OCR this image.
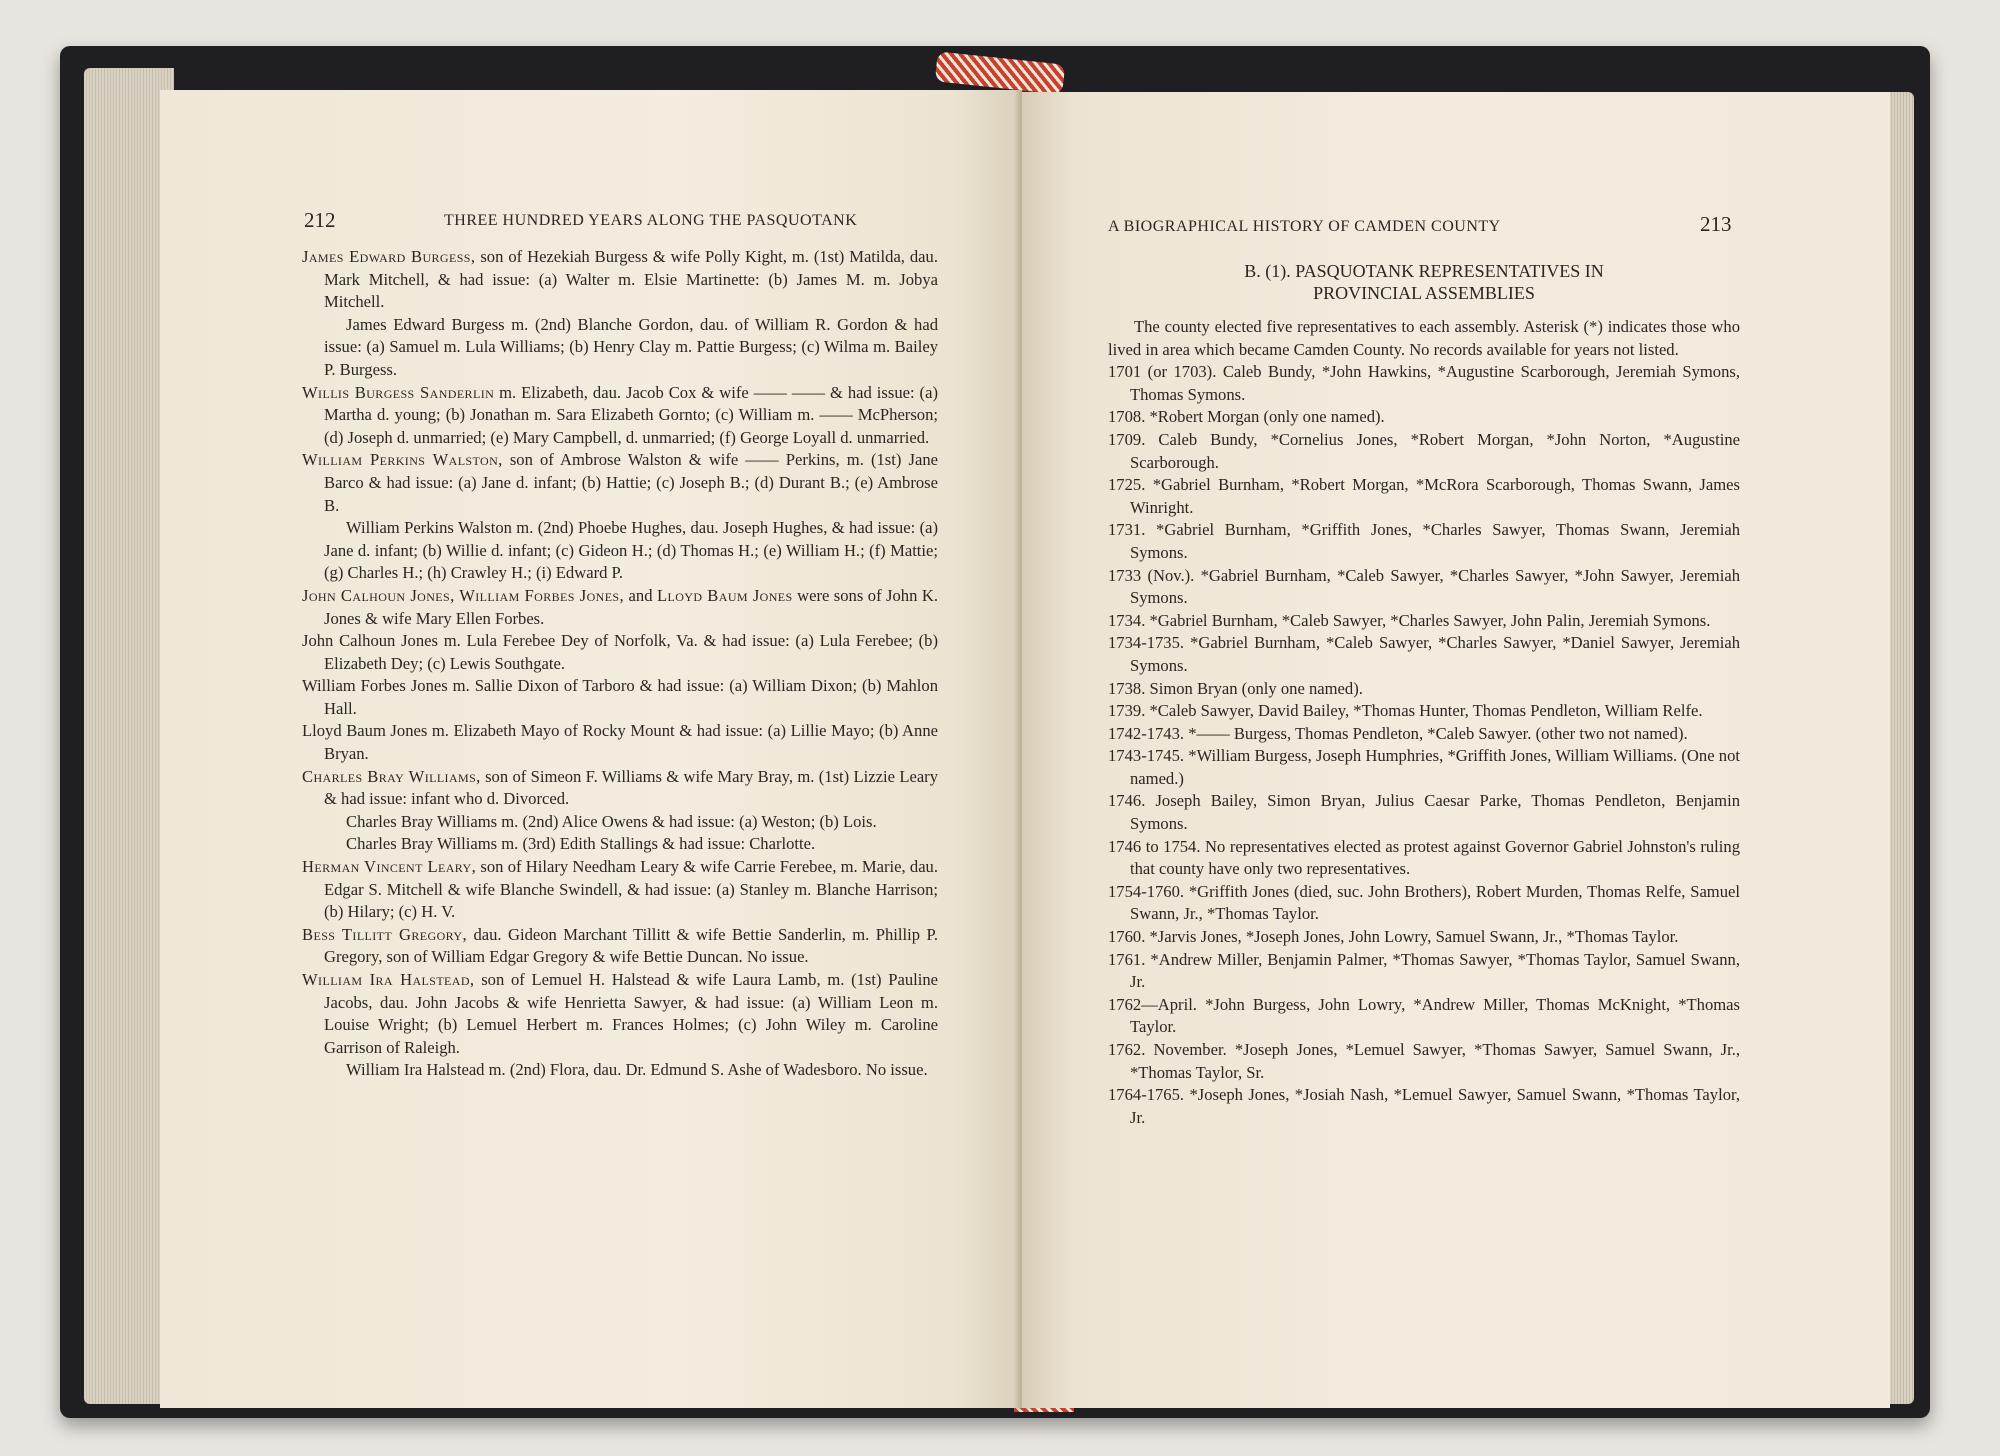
212	THREE HUNDRED YEARS ALONG THE PASQUOTANK

James Edward Burgess, son of Hezekiah Burgess & wife Polly Kight, m. (1st) Matilda, dau. Mark Mitchell, & had issue: (a) Walter m. Elsie Martinette: (b) James M. m. Jobya Mitchell.

James Edward Burgess m. (2nd) Blanche Gordon, dau. of William R. Gordon & had issue: (a) Samuel m. Lula Williams; (b) Henry Clay m. Pattie Burgess; (c) Wilma m. Bailey P. Burgess.

Willis Burgess Sanderlin m. Elizabeth, dau. Jacob Cox & wife —— —— & had issue: (a) Martha d. young; (b) Jonathan m. Sara Elizabeth Gornto; (c) William m. —— McPherson; (d) Joseph d. unmarried; (e) Mary Campbell, d. unmarried; (f) George Loyall d. unmarried.

William Perkins Walston, son of Ambrose Walston & wife —— Perkins, m. (1st) Jane Barco & had issue: (a) Jane d. infant; (b) Hattie; (c) Joseph B.; (d) Durant B.; (e) Ambrose B.

William Perkins Walston m. (2nd) Phoebe Hughes, dau. Joseph Hughes, & had issue: (a) Jane d. infant; (b) Willie d. infant; (c) Gideon H.; (d) Thomas H.; (e) William H.; (f) Mattie; (g) Charles H.; (h) Crawley H.; (i) Edward P.

John Calhoun Jones, William Forbes Jones, and Lloyd Baum Jones were sons of John K. Jones & wife Mary Ellen Forbes.

John Calhoun Jones m. Lula Ferebee Dey of Norfolk, Va. & had issue: (a) Lula Ferebee; (b) Elizabeth Dey; (c) Lewis Southgate.

William Forbes Jones m. Sallie Dixon of Tarboro & had issue: (a) William Dixon; (b) Mahlon Hall.

Lloyd Baum Jones m. Elizabeth Mayo of Rocky Mount & had issue: (a) Lillie Mayo; (b) Anne Bryan.

Charles Bray Williams, son of Simeon F. Williams & wife Mary Bray, m. (1st) Lizzie Leary & had issue: infant who d. Divorced.

Charles Bray Williams m. (2nd) Alice Owens & had issue: (a) Weston; (b) Lois.

Charles Bray Williams m. (3rd) Edith Stallings & had issue: Charlotte.

Herman Vincent Leary, son of Hilary Needham Leary & wife Carrie Ferebee, m. Marie, dau. Edgar S. Mitchell & wife Blanche Swindell, & had issue: (a) Stanley m. Blanche Harrison; (b) Hilary; (c) H. V.

Bess Tillitt Gregory, dau. Gideon Marchant Tillitt & wife Bettie Sanderlin, m. Phillip P. Gregory, son of William Edgar Gregory & wife Bettie Duncan. No issue.

William Ira Halstead, son of Lemuel H. Halstead & wife Laura Lamb, m. (1st) Pauline Jacobs, dau. John Jacobs & wife Henrietta Sawyer, & had issue: (a) William Leon m. Louise Wright; (b) Lemuel Herbert m. Frances Holmes; (c) John Wiley m. Caroline Garrison of Raleigh.

William Ira Halstead m. (2nd) Flora, dau. Dr. Edmund S. Ashe of Wadesboro. No issue.

A BIOGRAPHICAL HISTORY OF CAMDEN COUNTY	213

B. (1). PASQUOTANK REPRESENTATIVES IN
PROVINCIAL ASSEMBLIES

The county elected five representatives to each assembly. Asterisk (*) indicates those who lived in area which became Camden County. No records available for years not listed.

1701 (or 1703). Caleb Bundy, *John Hawkins, *Augustine Scarborough, Jeremiah Symons, Thomas Symons.

1708. *Robert Morgan (only one named).

1709. Caleb Bundy, *Cornelius Jones, *Robert Morgan, *John Norton, *Augustine Scarborough.

1725. *Gabriel Burnham, *Robert Morgan, *McRora Scarborough, Thomas Swann, James Winright.

1731. *Gabriel Burnham, *Griffith Jones, *Charles Sawyer, Thomas Swann, Jeremiah Symons.

1733 (Nov.). *Gabriel Burnham, *Caleb Sawyer, *Charles Sawyer, *John Sawyer, Jeremiah Symons.

1734. *Gabriel Burnham, *Caleb Sawyer, *Charles Sawyer, John Palin, Jeremiah Symons.

1734-1735. *Gabriel Burnham, *Caleb Sawyer, *Charles Sawyer, *Daniel Sawyer, Jeremiah Symons.

1738. Simon Bryan (only one named).

1739. *Caleb Sawyer, David Bailey, *Thomas Hunter, Thomas Pendleton, William Relfe.

1742-1743. *—— Burgess, Thomas Pendleton, *Caleb Sawyer. (other two not named).

1743-1745. *William Burgess, Joseph Humphries, *Griffith Jones, William Williams. (One not named.)

1746. Joseph Bailey, Simon Bryan, Julius Caesar Parke, Thomas Pendleton, Benjamin Symons.

1746 to 1754. No representatives elected as protest against Governor Gabriel Johnston's ruling that county have only two representatives.

1754-1760. *Griffith Jones (died, suc. John Brothers), Robert Murden, Thomas Relfe, Samuel Swann, Jr., *Thomas Taylor.

1760. *Jarvis Jones, *Joseph Jones, John Lowry, Samuel Swann, Jr., *Thomas Taylor.

1761. *Andrew Miller, Benjamin Palmer, *Thomas Sawyer, *Thomas Taylor, Samuel Swann, Jr.

1762—April. *John Burgess, John Lowry, *Andrew Miller, Thomas McKnight, *Thomas Taylor.

1762. November. *Joseph Jones, *Lemuel Sawyer, *Thomas Sawyer, Samuel Swann, Jr., *Thomas Taylor, Sr.

1764-1765. *Joseph Jones, *Josiah Nash, *Lemuel Sawyer, Samuel Swann, *Thomas Taylor, Jr.
